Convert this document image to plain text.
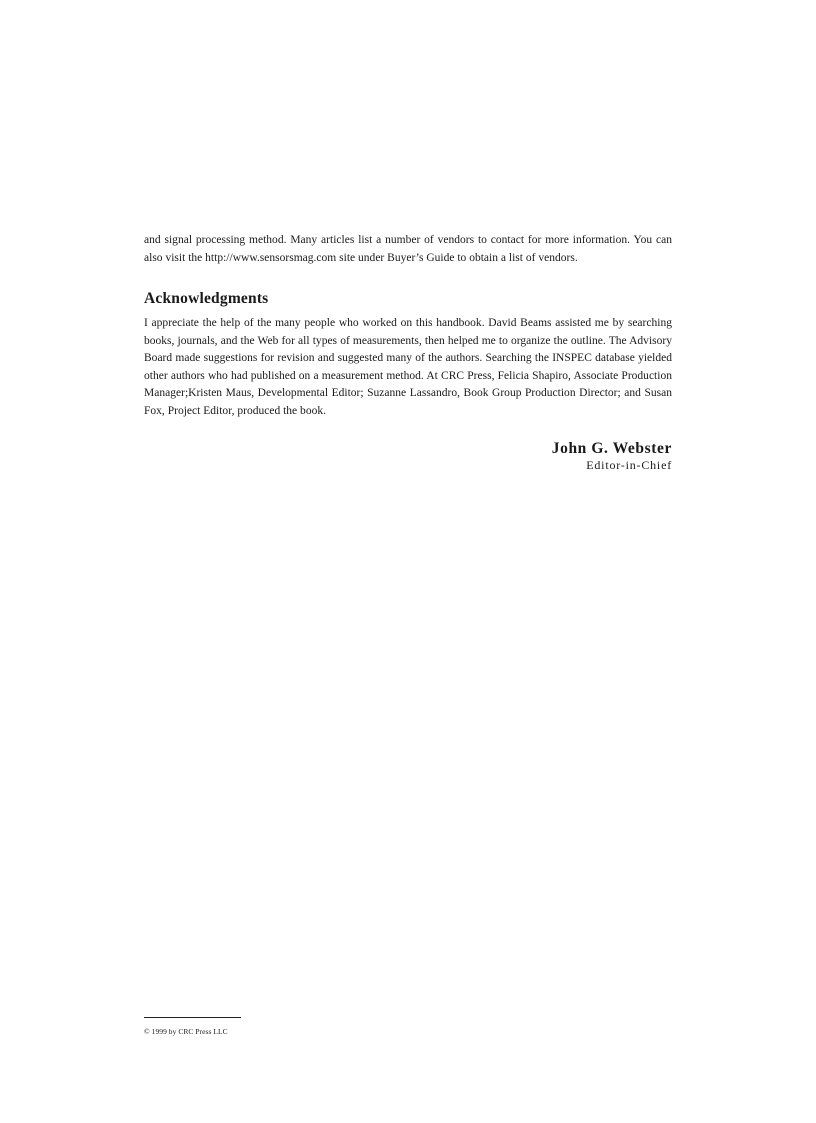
and signal processing method. Many articles list a number of vendors to contact for more information. You can also visit the http://www.sensorsmag.com site under Buyer’s Guide to obtain a list of vendors.

Acknowledgments

I appreciate the help of the many people who worked on this handbook. David Beams assisted me by searching books, journals, and the Web for all types of measurements, then helped me to organize the outline. The Advisory Board made suggestions for revision and suggested many of the authors. Searching the INSPEC database yielded other authors who had published on a measurement method. At CRC Press, Felicia Shapiro, Associate Production Manager;Kristen Maus, Developmental Editor; Suzanne Lassandro, Book Group Production Director; and Susan Fox, Project Editor, produced the book.

John G. Webster
Editor-in-Chief
© 1999 by CRC Press LLC
